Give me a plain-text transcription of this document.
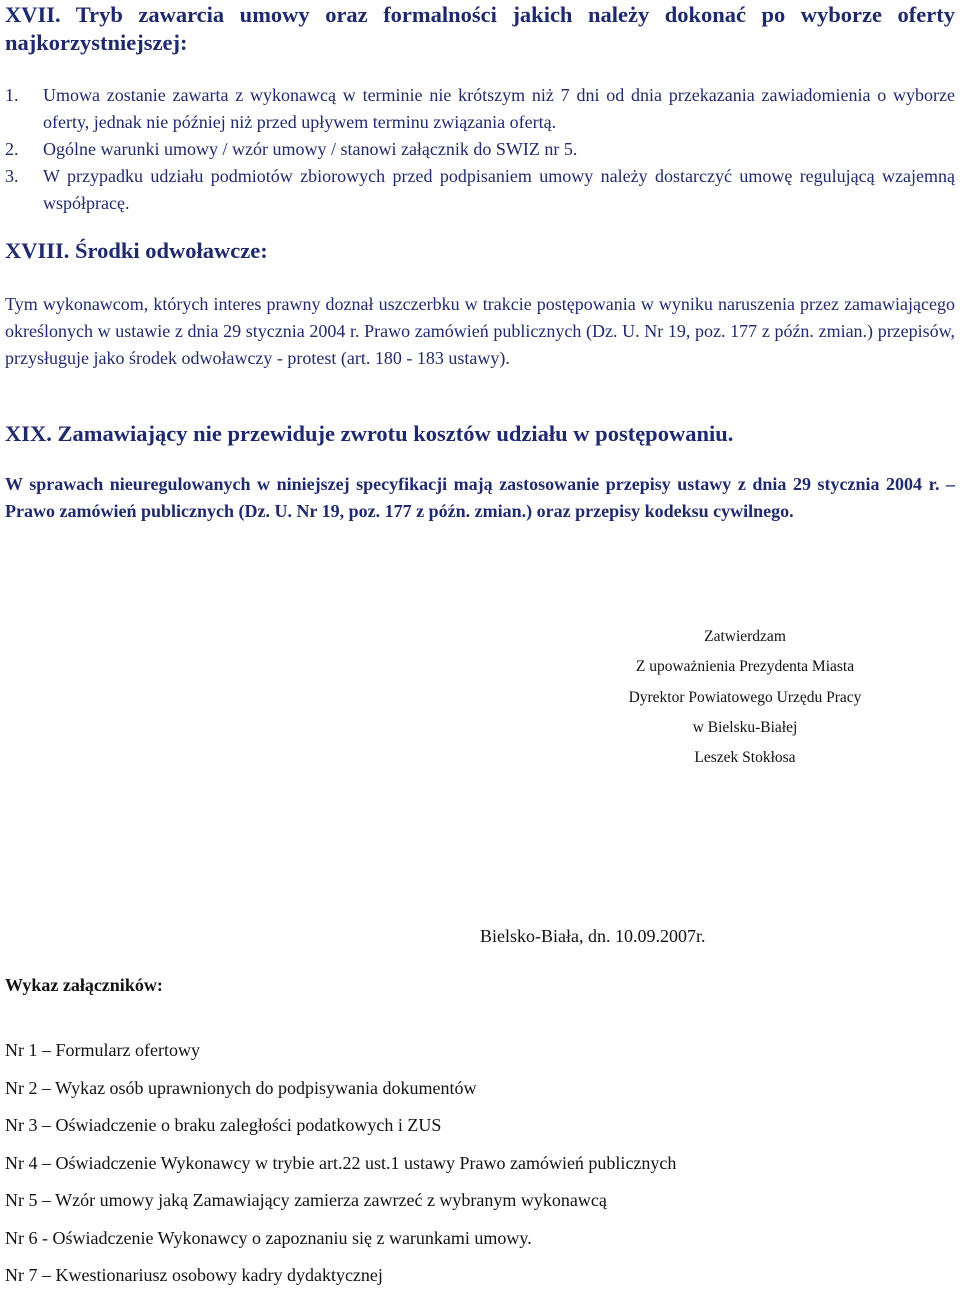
XVII. Tryb zawarcia umowy oraz formalności jakich należy dokonać po wyborze oferty najkorzystniejszej:

1.	Umowa zostanie zawarta z wykonawcą w terminie nie krótszym niż 7 dni od dnia przekazania zawiadomienia o wyborze oferty, jednak nie później niż przed upływem terminu związania ofertą.
2.	Ogólne warunki umowy / wzór umowy / stanowi załącznik do SWIZ nr 5.
3.	W przypadku udziału podmiotów zbiorowych przed podpisaniem umowy należy dostarczyć umowę regulującą wzajemną współpracę.

XVIII. Środki odwoławcze:

Tym wykonawcom, których interes prawny doznał uszczerbku w trakcie postępowania w wyniku naruszenia przez zamawiającego określonych w ustawie z dnia 29 stycznia 2004 r. Prawo zamówień publicznych (Dz. U. Nr 19, poz. 177 z późn. zmian.) przepisów, przysługuje jako środek odwoławczy - protest (art. 180 - 183 ustawy).

XIX. Zamawiający nie przewiduje zwrotu kosztów udziału w postępowaniu.

W sprawach nieuregulowanych w niniejszej specyfikacji mają zastosowanie przepisy ustawy z dnia 29 stycznia 2004 r. – Prawo zamówień publicznych (Dz. U. Nr 19, poz. 177 z późn. zmian.) oraz przepisy kodeksu cywilnego.

Zatwierdzam
Z upoważnienia Prezydenta Miasta
Dyrektor Powiatowego Urzędu Pracy
w Bielsku-Białej
Leszek Stokłosa
Bielsko-Biała, dn. 10.09.2007r.
Wykaz załączników:
Nr 1 – Formularz ofertowy
Nr 2 – Wykaz osób uprawnionych do podpisywania dokumentów
Nr 3 – Oświadczenie o braku zaległości podatkowych i ZUS
Nr 4 – Oświadczenie Wykonawcy w trybie art.22 ust.1 ustawy Prawo zamówień publicznych
Nr 5 – Wzór umowy jaką Zamawiający zamierza zawrzeć z wybranym wykonawcą
Nr 6 - Oświadczenie Wykonawcy o zapoznaniu się z warunkami umowy.
Nr 7 – Kwestionariusz osobowy kadry dydaktycznej
